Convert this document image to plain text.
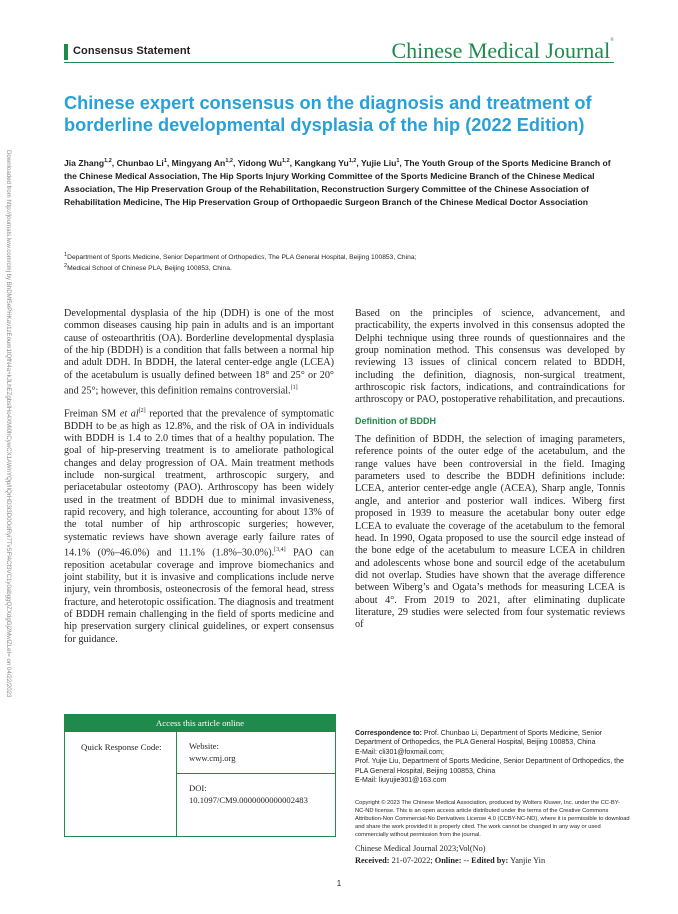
Downloaded from http://journals.lww.com/cmj by BhDMf5ePHKav1zEoum1tQfN4a+kJLhEZgbsIHo4XMi0hCywCX1AWnYQp/IlQrHD3i3D0OdRyi7TvSFl4Cf3VC1y0abggQZXdgGj2MwlZLeI= on 04/22/2023
Consensus Statement	Chinese Medical Journal®
Chinese expert consensus on the diagnosis and treatment of borderline developmental dysplasia of the hip (2022 Edition)
Jia Zhang$^{1,2}$, Chunbao Li$^1$, Mingyang An$^{1,2}$, Yidong Wu$^{1,2}$, Kangkang Yu$^{1,2}$, Yujie Liu$^1$, The Youth Group of the Sports Medicine Branch of the Chinese Medical Association, The Hip Sports Injury Working Committee of the Sports Medicine Branch of the Chinese Medical Association, The Hip Preservation Group of the Rehabilitation, Reconstruction Surgery Committee of the Chinese Association of Rehabilitation Medicine, The Hip Preservation Group of Orthopaedic Surgeon Branch of the Chinese Medical Doctor Association
$^1$Department of Sports Medicine, Senior Department of Orthopedics, The PLA General Hospital, Beijing 100853, China;
$^2$Medical School of Chinese PLA, Beijing 100853, China.

Developmental dysplasia of the hip (DDH) is one of the most common diseases causing hip pain in adults and is an important cause of osteoarthritis (OA). Borderline developmental dysplasia of the hip (BDDH) is a condition that falls between a normal hip and adult DDH. In BDDH, the lateral center-edge angle (LCEA) of the acetabulum is usually defined between 18° and 25° or 20° and 25°; however, this definition remains controversial.[1]

Freiman SM et al[2] reported that the prevalence of symptomatic BDDH to be as high as 12.8%, and the risk of OA in individuals with BDDH is 1.4 to 2.0 times that of a healthy population. The goal of hip-preserving treatment is to ameliorate pathological changes and delay progression of OA. Main treatment methods include non-surgical treatment, arthroscopic surgery, and periacetabular osteotomy (PAO). Arthroscopy has been widely used in the treatment of BDDH due to minimal invasiveness, rapid recovery, and high tolerance, accounting for about 13% of the total number of hip arthroscopic surgeries; however, systematic reviews have shown average early failure rates of 14.1% (0%–46.0%) and 11.1% (1.8%–30.0%).[3,4] PAO can reposition acetabular coverage and improve biomechanics and joint stability, but it is invasive and complications include nerve injury, vein thrombosis, osteonecrosis of the femoral head, stress fracture, and heterotopic ossification. The diagnosis and treatment of BDDH remain challenging in the field of sports medicine and hip preservation surgery clinical guidelines, or expert consensus for guidance.

Based on the principles of science, advancement, and practicability, the experts involved in this consensus adopted the Delphi technique using three rounds of questionnaires and the group nomination method. This consensus was developed by reviewing 13 issues of clinical concern related to BDDH, including the definition, diagnosis, non-surgical treatment, arthroscopic risk factors, indications, and contraindications for arthroscopy or PAO, postoperative rehabilitation, and precautions.

Definition of BDDH

The definition of BDDH, the selection of imaging parameters, reference points of the outer edge of the acetabulum, and the range values have been controversial in the field. Imaging parameters used to describe the BDDH definitions include: LCEA, anterior center-edge angle (ACEA), Sharp angle, Tonnis angle, and anterior and posterior wall indices. Wiberg first proposed in 1939 to measure the acetabular bony outer edge LCEA to evaluate the coverage of the acetabulum to the femoral head. In 1990, Ogata proposed to use the sourcil edge instead of the bone edge of the acetabulum to measure LCEA in children and adolescents whose bone and sourcil edge of the acetabulum did not overlap. Studies have shown that the average difference between Wiberg’s and Ogata’s methods for measuring LCEA is about 4°. From 2019 to 2021, after eliminating duplicate literature, 29 studies were selected from four systematic reviews of

Access this article online
Quick Response Code:	Website:
www.cmj.org
DOI:
10.1097/CM9.0000000000002483
Correspondence to: Prof. Chunbao Li, Department of Sports Medicine, Senior Department of Orthopedics, the PLA General Hospital, Beijing 100853, China
E-Mail: cli301@foxmail.com;
Prof. Yujie Liu, Department of Sports Medicine, Senior Department of Orthopedics, the PLA General Hospital, Beijing 100853, China
E-Mail: liuyujie301@163.com
Copyright © 2023 The Chinese Medical Association, produced by Wolters Kluwer, Inc. under the CC-BY-NC-ND license. This is an open access article distributed under the terms of the Creative Commons Attribution-Non Commercial-No Derivatives License 4.0 (CCBY-NC-ND), where it is permissible to download and share the work provided it is properly cited. The work cannot be changed in any way or used commercially without permission from the journal.
Chinese Medical Journal 2023;Vol(No)
Received: 21-07-2022; Online: -- Edited by: Yanjie Yin
1
